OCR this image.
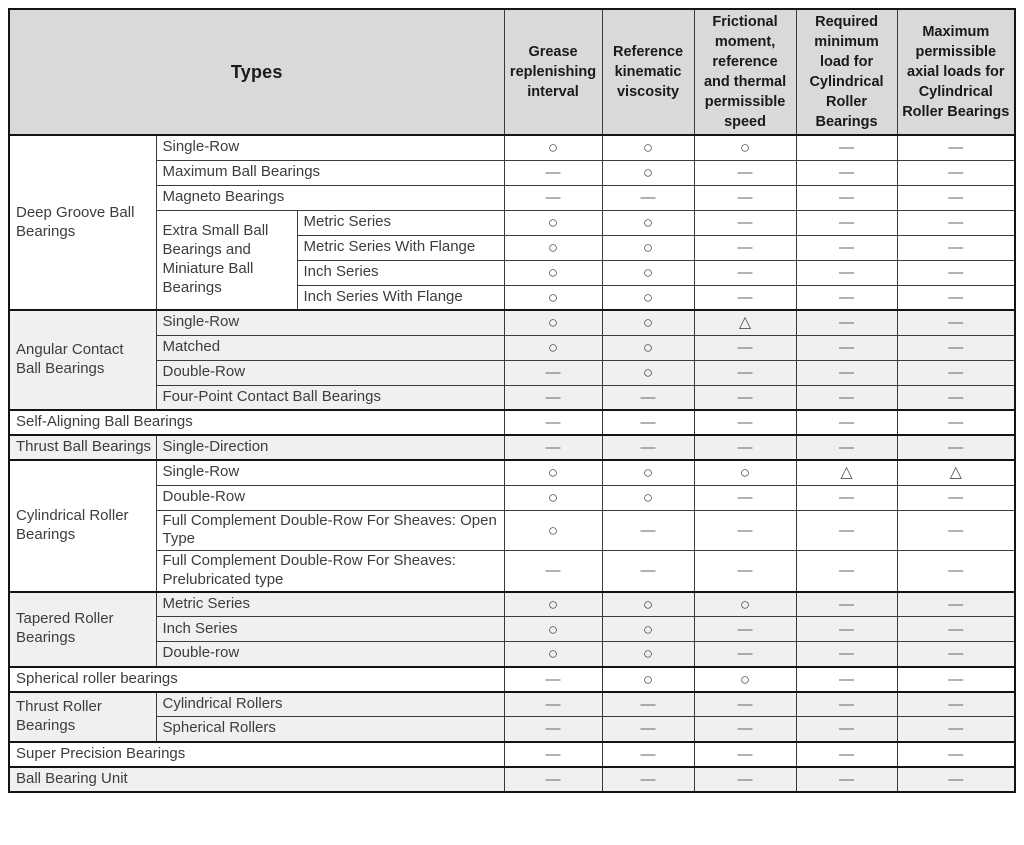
Types			Grease replenishing interval	Reference kinematic viscosity	Frictional moment, reference and thermal permissible speed	Required minimum load for Cylindrical Roller Bearings	Maximum permissible axial loads for Cylindrical Roller Bearings
Deep Groove Ball Bearings	Single-Row		○	○	○	—	—
	Maximum Ball Bearings		—	○	—	—	—
	Magneto Bearings		—	—	—	—	—
	Extra Small Ball Bearings and Miniature Ball Bearings	Metric Series	○	○	—	—	—
		Metric Series With Flange	○	○	—	—	—
		Inch Series	○	○	—	—	—
		Inch Series With Flange	○	○	—	—	—
Angular Contact Ball Bearings	Single-Row		○	○	△	—	—
	Matched		○	○	—	—	—
	Double-Row		—	○	—	—	—
	Four-Point Contact Ball Bearings		—	—	—	—	—
Self-Aligning Ball Bearings			—	—	—	—	—
Thrust Ball Bearings	Single-Direction		—	—	—	—	—
Cylindrical Roller Bearings	Single-Row		○	○	○	△	△
	Double-Row		○	○	—	—	—
	Full Complement Double-Row For Sheaves: Open Type		○	—	—	—	—
	Full Complement Double-Row For Sheaves: Prelubricated type		—	—	—	—	—
Tapered Roller Bearings	Metric Series		○	○	○	—	—
	Inch Series		○	○	—	—	—
	Double-row		○	○	—	—	—
Spherical roller bearings			—	○	○	—	—
Thrust Roller Bearings	Cylindrical Rollers		—	—	—	—	—
	Spherical Rollers		—	—	—	—	—
Super Precision Bearings			—	—	—	—	—
Ball Bearing Unit			—	—	—	—	—
